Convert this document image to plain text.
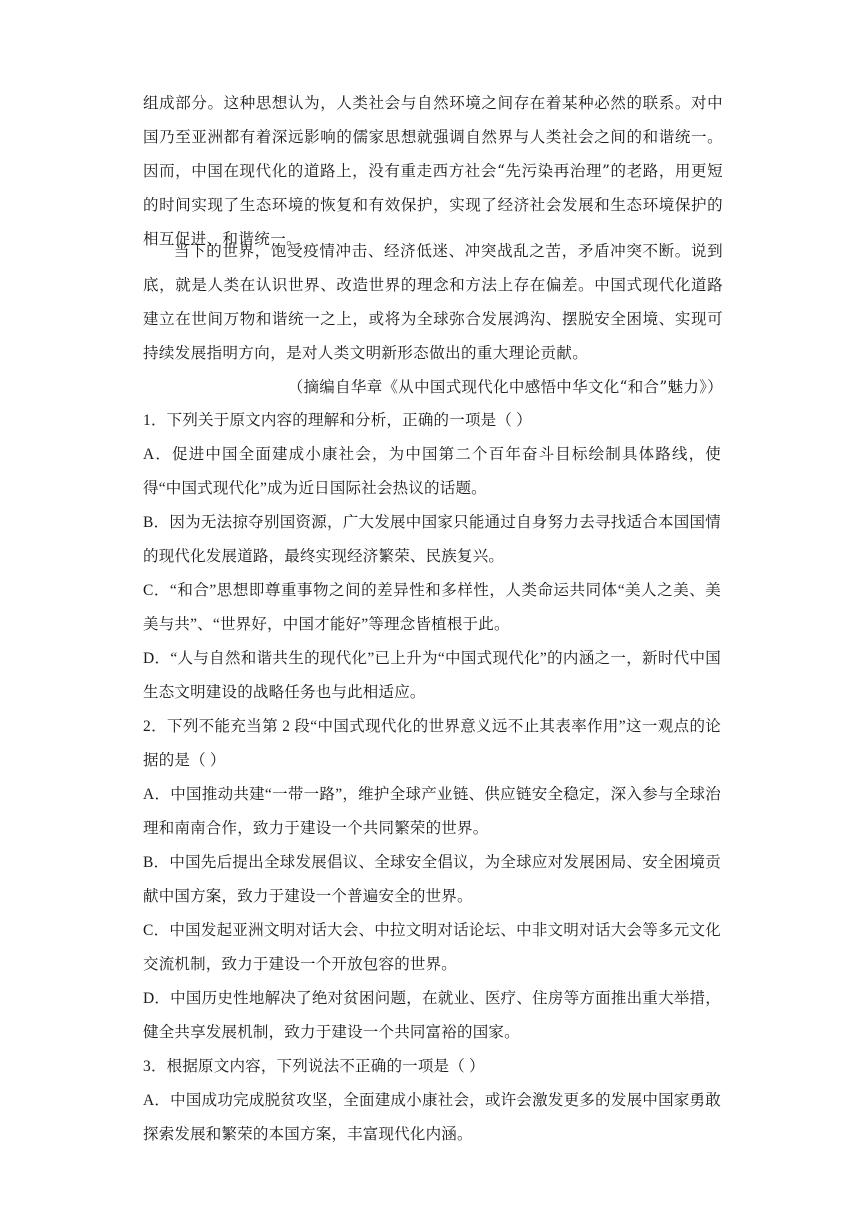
组成部分。这种思想认为，人类社会与自然环境之间存在着某种必然的联系。对中国乃至亚洲都有着深远影响的儒家思想就强调自然界与人类社会之间的和谐统一。因而，中国在现代化的道路上，没有重走西方社会“先污染再治理”的老路，用更短的时间实现了生态环境的恢复和有效保护，实现了经济社会发展和生态环境保护的相互促进、和谐统一。

当下的世界，饱受疫情冲击、经济低迷、冲突战乱之苦，矛盾冲突不断。说到底，就是人类在认识世界、改造世界的理念和方法上存在偏差。中国式现代化道路建立在世间万物和谐统一之上，或将为全球弥合发展鸿沟、摆脱安全困境、实现可持续发展指明方向，是对人类文明新形态做出的重大理论贡献。

（摘编自华章《从中国式现代化中感悟中华文化“和合”魅力》）

1．下列关于原文内容的理解和分析，正确的一项是（ ）

A．促进中国全面建成小康社会，为中国第二个百年奋斗目标绘制具体路线，使得“中国式现代化”成为近日国际社会热议的话题。

B．因为无法掠夺别国资源，广大发展中国家只能通过自身努力去寻找适合本国国情的现代化发展道路，最终实现经济繁荣、民族复兴。

C．“和合”思想即尊重事物之间的差异性和多样性，人类命运共同体“美人之美、美美与共”、“世界好，中国才能好”等理念皆植根于此。

D．“人与自然和谐共生的现代化”已上升为“中国式现代化”的内涵之一，新时代中国生态文明建设的战略任务也与此相适应。

2．下列不能充当第 2 段“中国式现代化的世界意义远不止其表率作用”这一观点的论据的是（ ）

A．中国推动共建“一带一路”，维护全球产业链、供应链安全稳定，深入参与全球治理和南南合作，致力于建设一个共同繁荣的世界。

B．中国先后提出全球发展倡议、全球安全倡议，为全球应对发展困局、安全困境贡献中国方案，致力于建设一个普遍安全的世界。

C．中国发起亚洲文明对话大会、中拉文明对话论坛、中非文明对话大会等多元文化交流机制，致力于建设一个开放包容的世界。

D．中国历史性地解决了绝对贫困问题，在就业、医疗、住房等方面推出重大举措，健全共享发展机制，致力于建设一个共同富裕的国家。

3．根据原文内容，下列说法不正确的一项是（ ）

A．中国成功完成脱贫攻坚，全面建成小康社会，或许会激发更多的发展中国家勇敢探索发展和繁荣的本国方案，丰富现代化内涵。
